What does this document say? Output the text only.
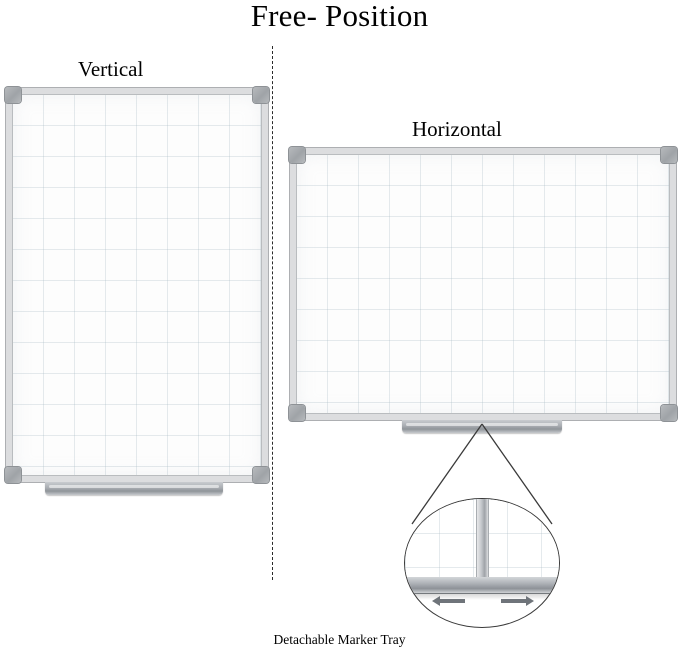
Free- Position
Vertical
Horizontal
Detachable Marker Tray
